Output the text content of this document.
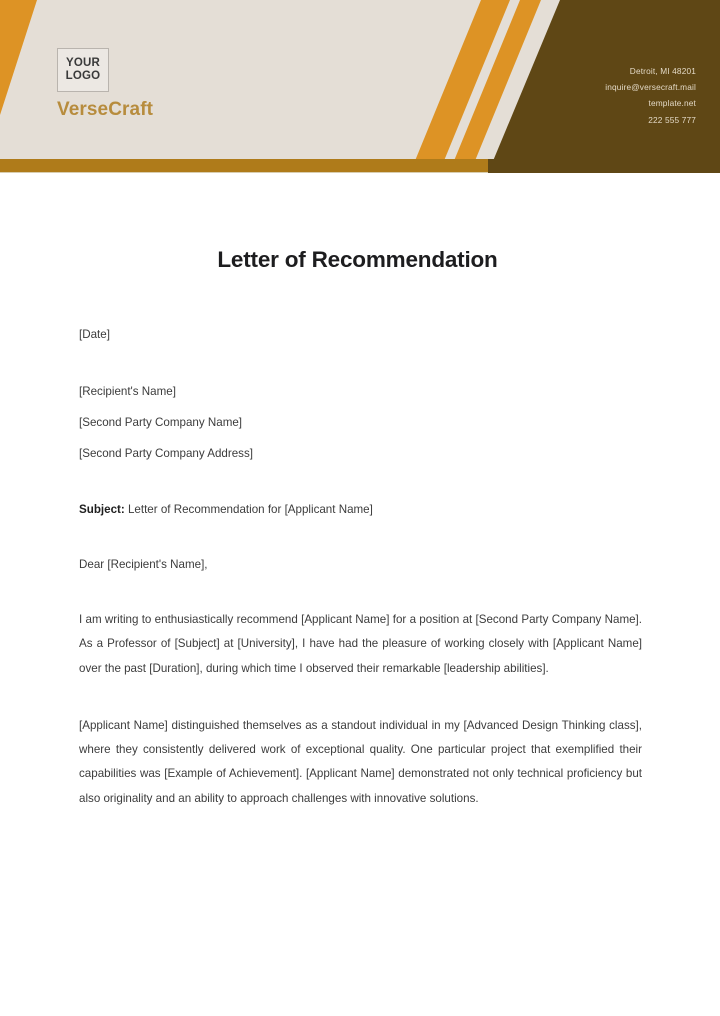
YOUR
LOGO
VerseCraft
Detroit, MI 48201
inquire@versecraft.mail
template.net
222 555 777
Letter of Recommendation
[Date]
[Recipient's Name]
[Second Party Company Name]
[Second Party Company Address]
Subject: Letter of Recommendation for [Applicant Name]
Dear [Recipient's Name],

I am writing to enthusiastically recommend [Applicant Name] for a position at [Second Party Company Name]. As a Professor of [Subject] at [University], I have had the pleasure of working closely with [Applicant Name] over the past [Duration], during which time I observed their remarkable [leadership abilities].

[Applicant Name] distinguished themselves as a standout individual in my [Advanced Design Thinking class], where they consistently delivered work of exceptional quality. One particular project that exemplified their capabilities was [Example of Achievement]. [Applicant Name] demonstrated not only technical proficiency but also originality and an ability to approach challenges with innovative solutions.
